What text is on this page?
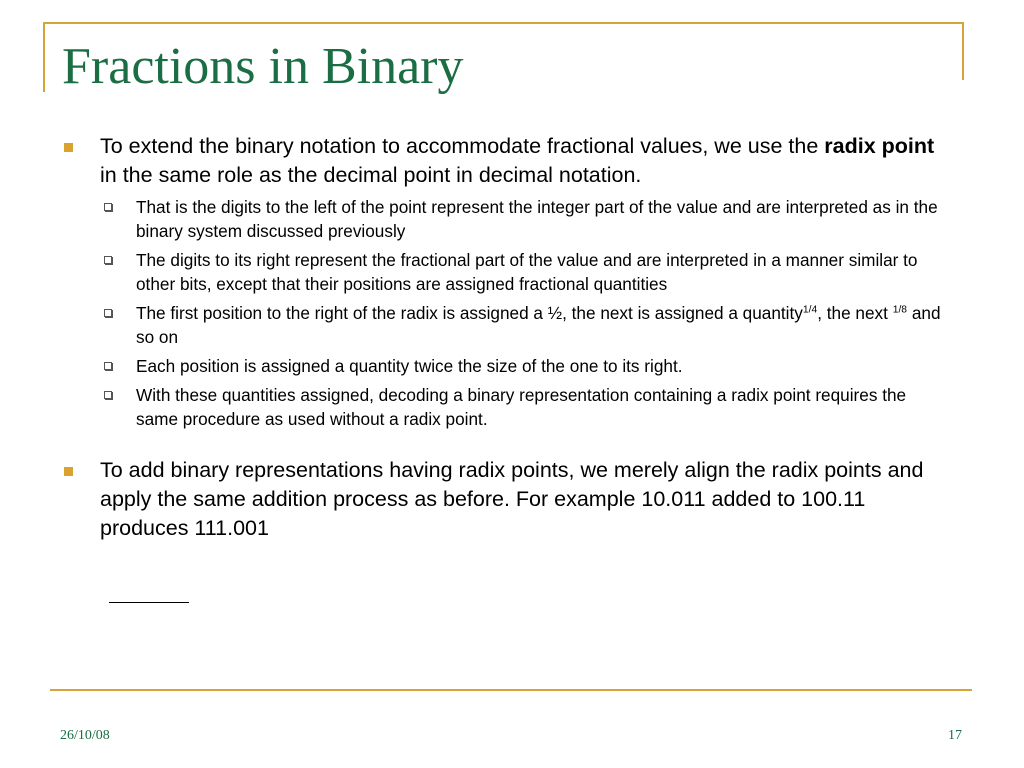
Fractions in Binary
To extend the binary notation to accommodate fractional values, we use the radix point in the same role as the decimal point in decimal notation.
That is the digits to the left of the point represent the integer part of the value and are interpreted as in the binary system discussed previously
The digits to its right represent the fractional part of the value and are interpreted in a manner similar to other bits, except that their positions are assigned fractional quantities
The first position to the right of the radix is assigned a ½, the next is assigned a quantity$^{1/4}$, the next $^{1/8}$ and so on
Each position is assigned a quantity twice the size of the one to its right.
With these quantities assigned, decoding a binary representation containing a radix point requires the same procedure as used without a radix point.
To add binary representations having radix points, we merely align the radix points and apply the same addition process as before. For example 10.011 added to 100.11 produces 111.001
26/10/08	17
